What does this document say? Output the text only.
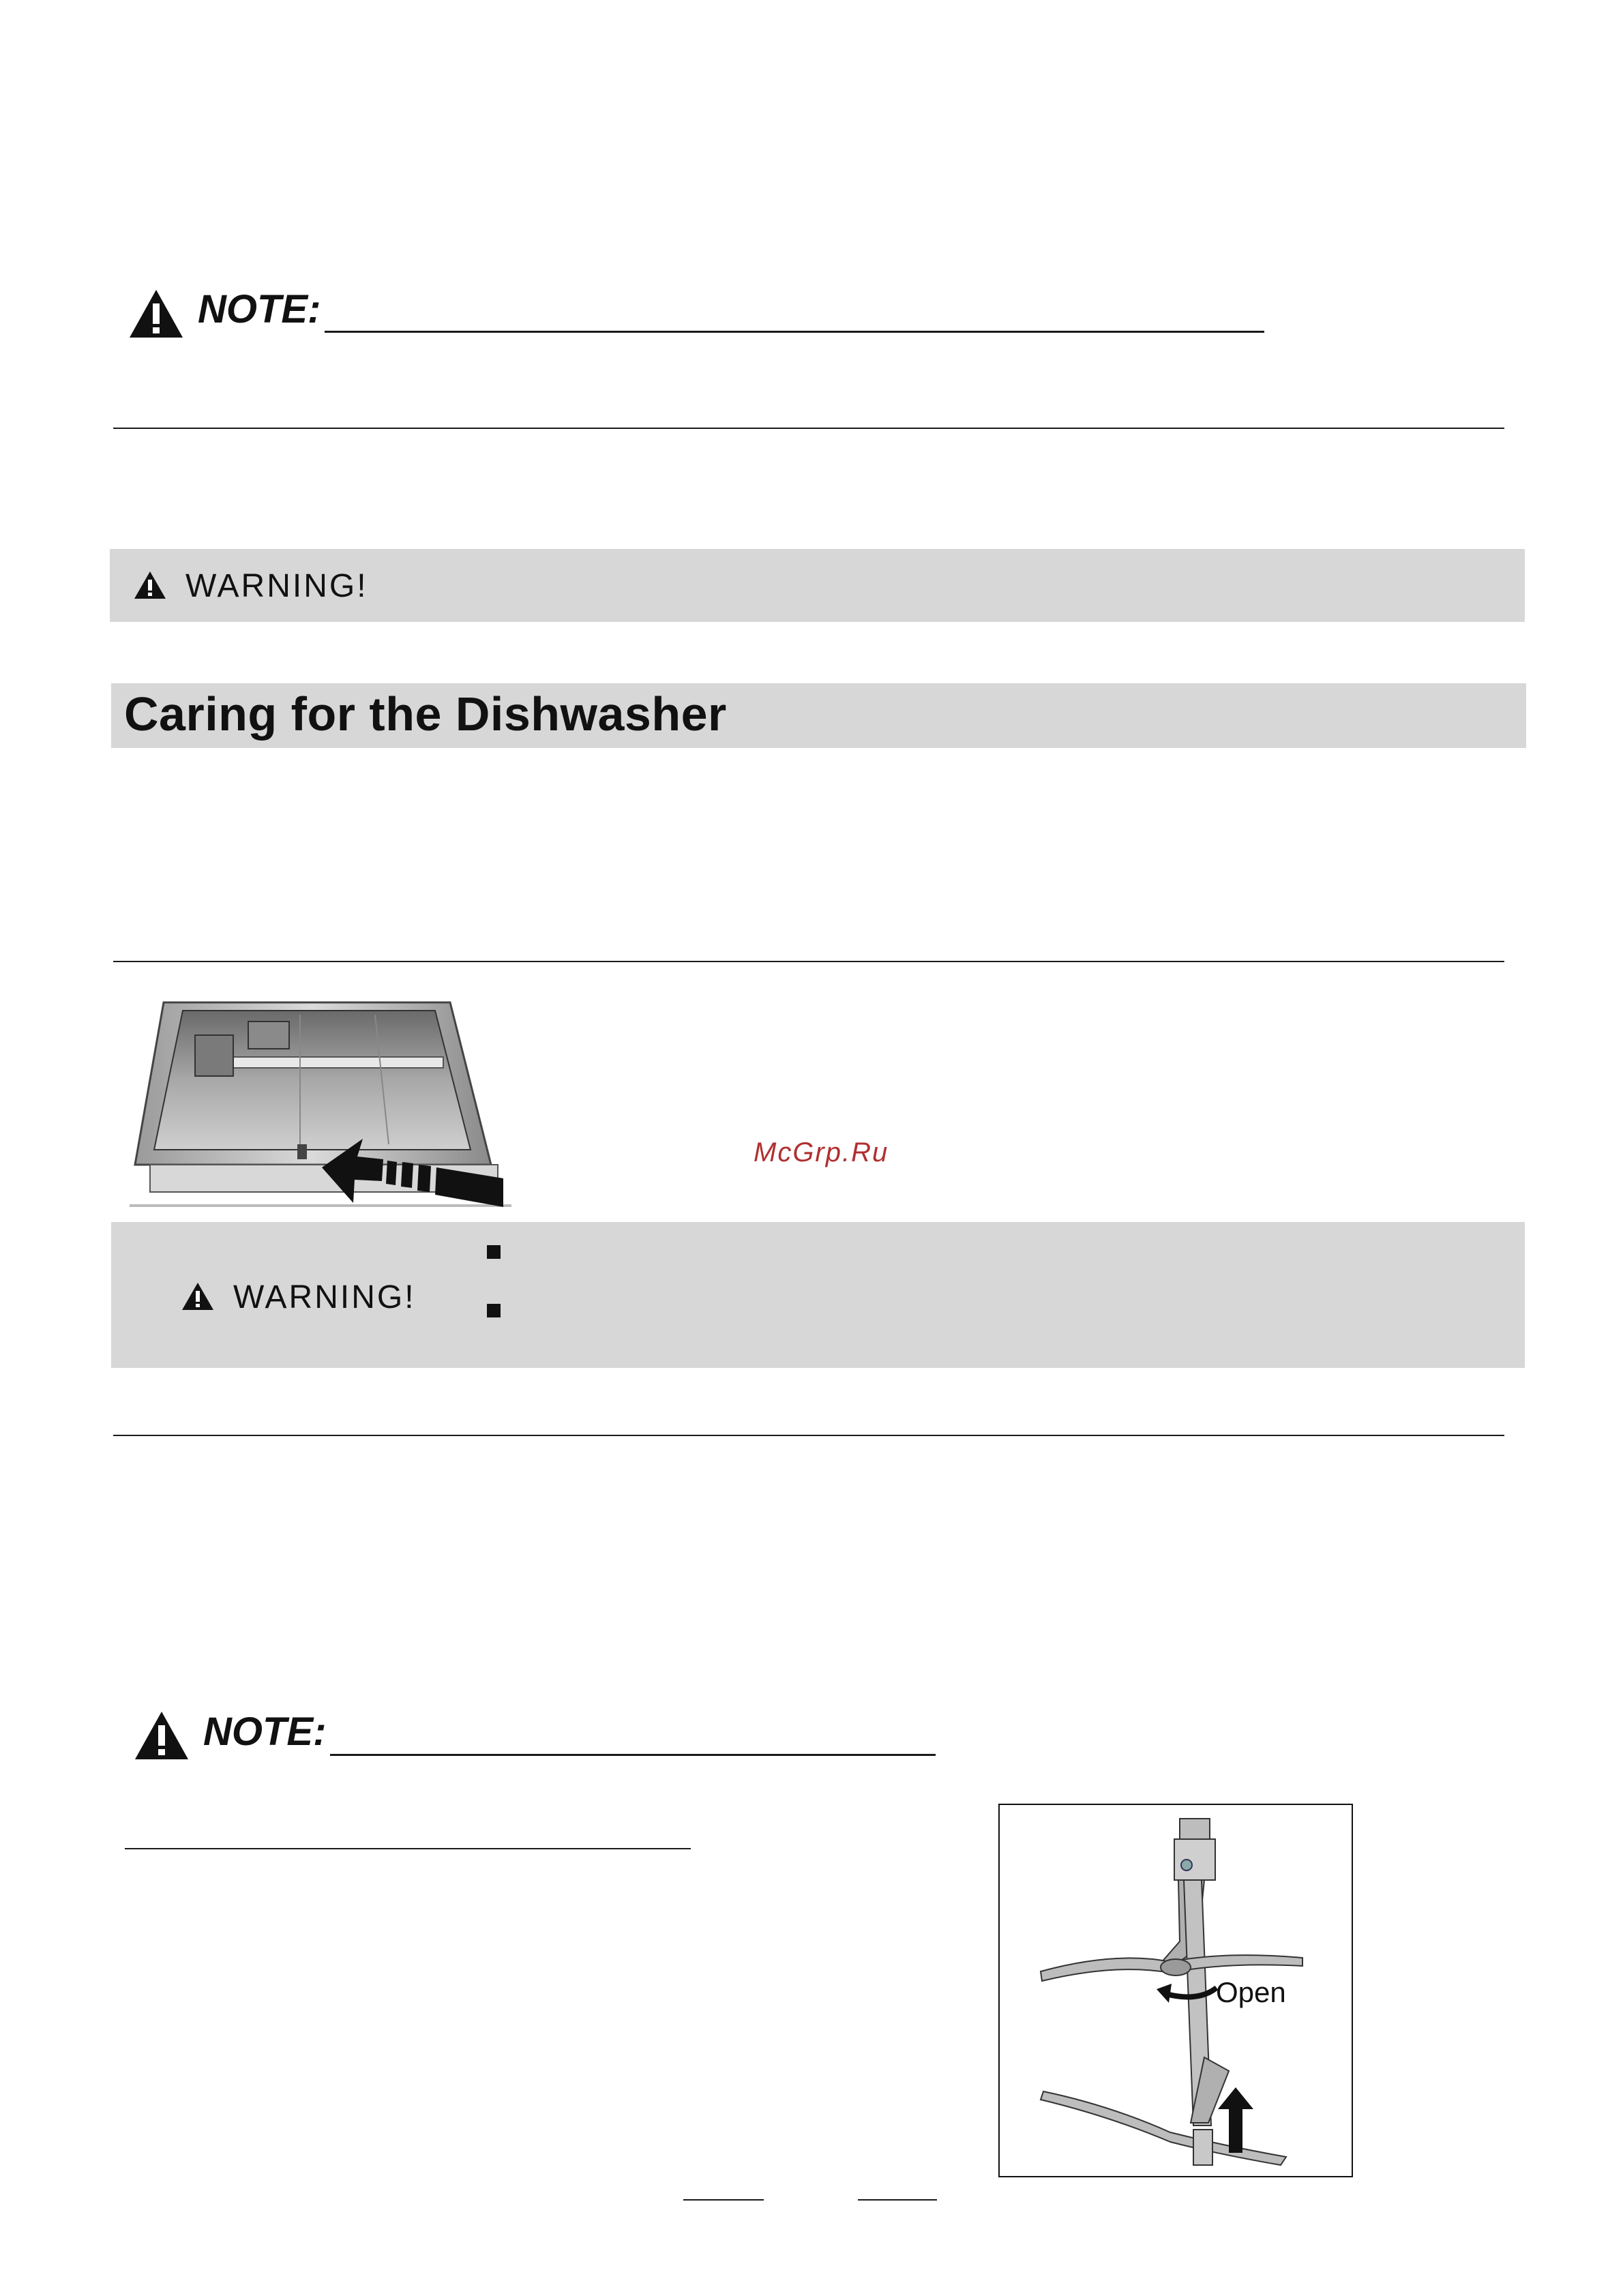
NOTE:
WARNING!
Caring for the Dishwasher
McGrp.Ru
WARNING!
NOTE:
Open
